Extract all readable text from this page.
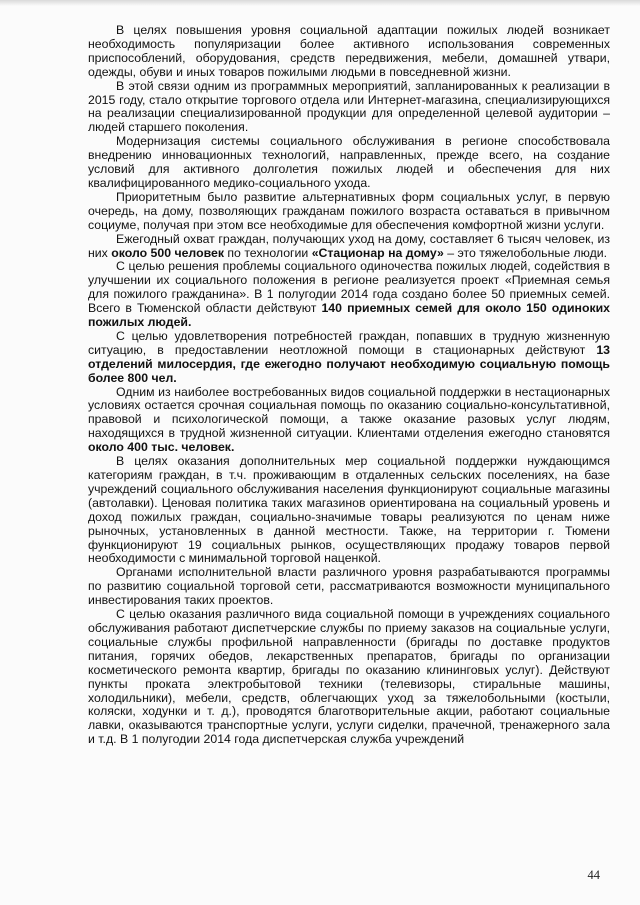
В целях повышения уровня социальной адаптации пожилых людей возникает необходимость популяризации более активного использования современных приспособлений, оборудования, средств передвижения, мебели, домашней утвари, одежды, обуви и иных товаров пожилыми людьми в повседневной жизни.

В этой связи одним из программных мероприятий, запланированных к реализации в 2015 году, стало открытие торгового отдела или Интернет-магазина, специализирующихся на реализации специализированной продукции для определенной целевой аудитории – людей старшего поколения.

Модернизация системы социального обслуживания в регионе способствовала внедрению инновационных технологий, направленных, прежде всего, на создание условий для активного долголетия пожилых людей и обеспечения для них квалифицированного медико-социального ухода.

Приоритетным было развитие альтернативных форм социальных услуг, в первую очередь, на дому, позволяющих гражданам пожилого возраста оставаться в привычном социуме, получая при этом все необходимые для обеспечения комфортной жизни услуги.

Ежегодный охват граждан, получающих уход на дому, составляет 6 тысяч человек, из них около 500 человек по технологии «Стационар на дому» – это тяжелобольные люди.

С целью решения проблемы социального одиночества пожилых людей, содействия в улучшении их социального положения в регионе реализуется проект «Приемная семья для пожилого гражданина». В 1 полугодии 2014 года создано более 50 приемных семей. Всего в Тюменской области действуют 140 приемных семей для около 150 одиноких пожилых людей.

С целью удовлетворения потребностей граждан, попавших в трудную жизненную ситуацию, в предоставлении неотложной помощи в стационарных действуют 13 отделений милосердия, где ежегодно получают необходимую социальную помощь более 800 чел.

Одним из наиболее востребованных видов социальной поддержки в нестационарных условиях остается срочная социальная помощь по оказанию социально-консультативной, правовой и психологической помощи, а также оказание разовых услуг людям, находящихся в трудной жизненной ситуации. Клиентами отделения ежегодно становятся около 400 тыс. человек.

В целях оказания дополнительных мер социальной поддержки нуждающимся категориям граждан, в т.ч. проживающим в отдаленных сельских поселениях, на базе учреждений социального обслуживания населения функционируют социальные магазины (автолавки). Ценовая политика таких магазинов ориентирована на социальный уровень и доход пожилых граждан, социально-значимые товары реализуются по ценам ниже рыночных, установленных в данной местности. Также, на территории г. Тюмени функционируют 19 социальных рынков, осуществляющих продажу товаров первой необходимости с минимальной торговой наценкой.

Органами исполнительной власти различного уровня разрабатываются программы по развитию социальной торговой сети, рассматриваются возможности муниципального инвестирования таких проектов.

С целью оказания различного вида социальной помощи в учреждениях социального обслуживания работают диспетчерские службы по приему заказов на социальные услуги, социальные службы профильной направленности (бригады по доставке продуктов питания, горячих обедов, лекарственных препаратов, бригады по организации косметического ремонта квартир, бригады по оказанию клининговых услуг). Действуют пункты проката электробытовой техники (телевизоры, стиральные машины, холодильники), мебели, средств, облегчающих уход за тяжелобольными (костыли, коляски, ходунки и т. д.), проводятся благотворительные акции, работают социальные лавки, оказываются транспортные услуги, услуги сиделки, прачечной, тренажерного зала и т.д. В 1 полугодии 2014 года диспетчерская служба учреждений

44
